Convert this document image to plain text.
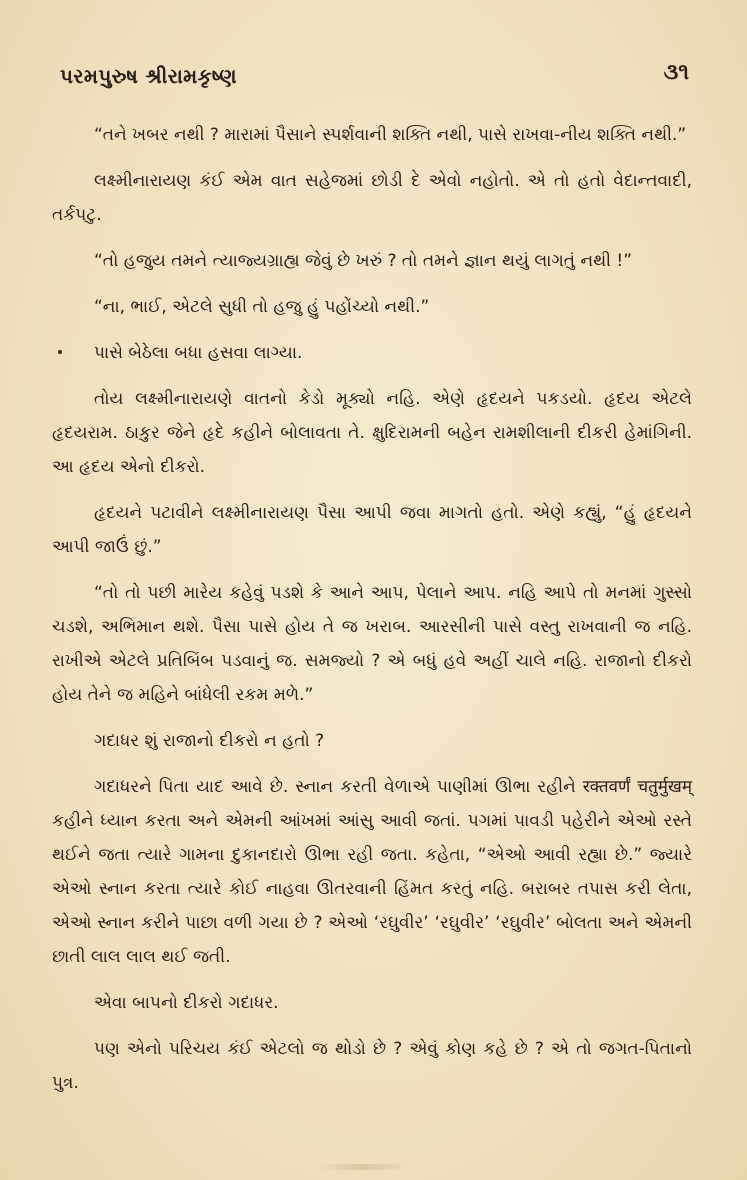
પરમપુરુષ શ્રીરામકૃષ્ણ	૩૧

“તને ખબર નથી ? મારામાં પૈસાને સ્પર્શવાની શક્તિ નથી, પાસે રાખવા-નીય શક્તિ નથી.”

લક્ષ્મીનારાયણ કંઈ એમ વાત સહેજમાં છોડી દે એવો નહોતો. એ તો હતો વેદાન્તવાદી, તર્કપટુ.

“તો હજુય તમને ત્યાજ્યગ્રાહ્ય જેવું છે ખરું ? તો તમને જ્ઞાન થયું લાગતું નથી !”

“ના, ભાઈ, એટલે સુધી તો હજુ હું પહોંચ્યો નથી.”

પાસે બેઠેલા બધા હસવા લાગ્યા.

તોય લક્ષ્મીનારાયણે વાતનો કેડો મૂક્યો નહિ. એણે હૃદયને પકડયો. હૃદય એટલે હૃદયરામ. ઠાકુર જેને હૃદે કહીને બોલાવતા તે. ક્ષુદિરામની બહેન રામશીલાની દીકરી હેમાંગિની. આ હૃદય એનો દીકરો.

હૃદયને પટાવીને લક્ષ્મીનારાયણ પૈસા આપી જવા માગતો હતો. એણે કહ્યું, “હું હૃદયને આપી જાઉં છું.”

“તો તો પછી મારેય કહેવું પડશે કે આને આપ, પેલાને આપ. નહિ આપે તો મનમાં ગુસ્સો ચડશે, અભિમાન થશે. પૈસા પાસે હોય તે જ ખરાબ. આરસીની પાસે વસ્તુ રાખવાની જ નહિ. રાખીએ એટલે પ્રતિબિંબ પડવાનું જ. સમજ્યો ? એ બધું હવે અહીં ચાલે નહિ. રાજાનો દીકરો હોય તેને જ મહિને બાંધેલી રકમ મળે.”

ગદાધર શું રાજાનો દીકરો ન હતો ?

ગદાધરને પિતા યાદ આવે છે. સ્નાન કરતી વેળાએ પાણીમાં ઊભા રહીને रक्तवर्णं चतुर्मुखम् કહીને ધ્યાન કરતા અને એમની આંખમાં આંસુ આવી જતાં. પગમાં પાવડી પહેરીને એઓ રસ્તે થઈને જતા ત્યારે ગામના દુકાનદારો ઊભા રહી જતા. કહેતા, “એઓ આવી રહ્યા છે.” જ્યારે એઓ સ્નાન કરતા ત્યારે કોઈ નાહવા ઊતરવાની હિંમત કરતું નહિ. બરાબર તપાસ કરી લેતા, એઓ સ્નાન કરીને પાછા વળી ગયા છે ? એઓ ‘રઘુવીર’ ‘રઘુવીર’ ‘રઘુવીર’ બોલતા અને એમની છાતી લાલ લાલ થઈ જતી.

એવા બાપનો દીકરો ગદાધર.

પણ એનો પરિચય કંઈ એટલો જ થોડો છે ? એવું કોણ કહે છે ? એ તો જગત-પિતાનો પુત્ર.
